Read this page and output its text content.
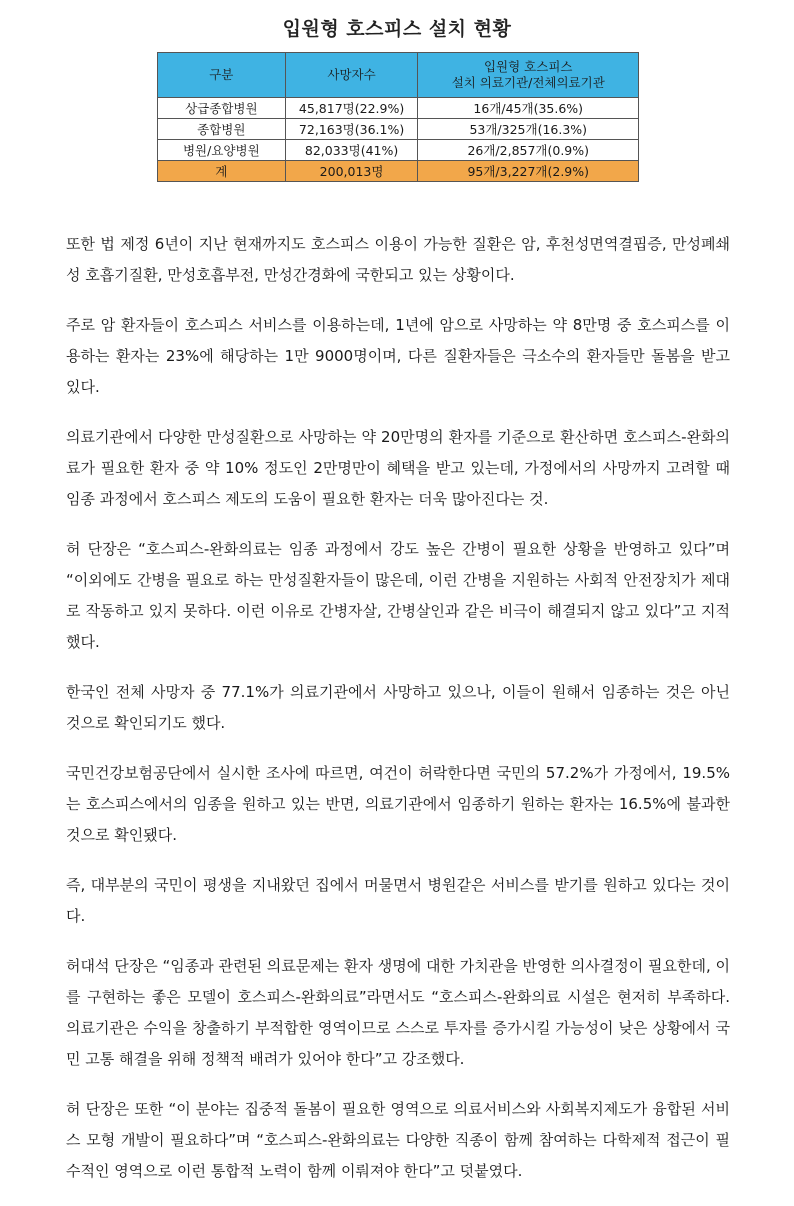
입원형 호스피스 설치 현황
구분	사망자수	입원형 호스피스
설치 의료기관/전체의료기관

상급종합병원	45,817명(22.9%)	16개/45개(35.6%)
종합병원	72,163명(36.1%)	53개/325개(16.3%)
병원/요양병원	82,033명(41%)	26개/2,857개(0.9%)
계	200,013명	95개/3,227개(2.9%)

또한 법 제정 6년이 지난 현재까지도 호스피스 이용이 가능한 질환은 암, 후천성면역결핍증, 만성폐쇄성 호흡기질환, 만성호흡부전, 만성간경화에 국한되고 있는 상황이다.

주로 암 환자들이 호스피스 서비스를 이용하는데, 1년에 암으로 사망하는 약 8만명 중 호스피스를 이용하는 환자는 23%에 해당하는 1만 9000명이며, 다른 질환자들은 극소수의 환자들만 돌봄을 받고 있다.

의료기관에서 다양한 만성질환으로 사망하는 약 20만명의 환자를 기준으로 환산하면 호스피스-완화의료가 필요한 환자 중 약 10% 정도인 2만명만이 혜택을 받고 있는데, 가정에서의 사망까지 고려할 때 임종 과정에서 호스피스 제도의 도움이 필요한 환자는 더욱 많아진다는 것.

허 단장은 “호스피스-완화의료는 임종 과정에서 강도 높은 간병이 필요한 상황을 반영하고 있다”며 “이외에도 간병을 필요로 하는 만성질환자들이 많은데, 이런 간병을 지원하는 사회적 안전장치가 제대로 작동하고 있지 못하다. 이런 이유로 간병자살, 간병살인과 같은 비극이 해결되지 않고 있다”고 지적했다.

한국인 전체 사망자 중 77.1%가 의료기관에서 사망하고 있으나, 이들이 원해서 임종하는 것은 아닌 것으로 확인되기도 했다.

국민건강보험공단에서 실시한 조사에 따르면, 여건이 허락한다면 국민의 57.2%가 가정에서, 19.5%는 호스피스에서의 임종을 원하고 있는 반면, 의료기관에서 임종하기 원하는 환자는 16.5%에 불과한 것으로 확인됐다.

즉, 대부분의 국민이 평생을 지내왔던 집에서 머물면서 병원같은 서비스를 받기를 원하고 있다는 것이다.

허대석 단장은 “임종과 관련된 의료문제는 환자 생명에 대한 가치관을 반영한 의사결정이 필요한데, 이를 구현하는 좋은 모델이 호스피스-완화의료”라면서도 “호스피스-완화의료 시설은 현저히 부족하다. 의료기관은 수익을 창출하기 부적합한 영역이므로 스스로 투자를 증가시킬 가능성이 낮은 상황에서 국민 고통 해결을 위해 정책적 배려가 있어야 한다”고 강조했다.

허 단장은 또한 “이 분야는 집중적 돌봄이 필요한 영역으로 의료서비스와 사회복지제도가 융합된 서비스 모형 개발이 필요하다”며 “호스피스-완화의료는 다양한 직종이 함께 참여하는 다학제적 접근이 필수적인 영역으로 이런 통합적 노력이 함께 이뤄져야 한다”고 덧붙였다.
